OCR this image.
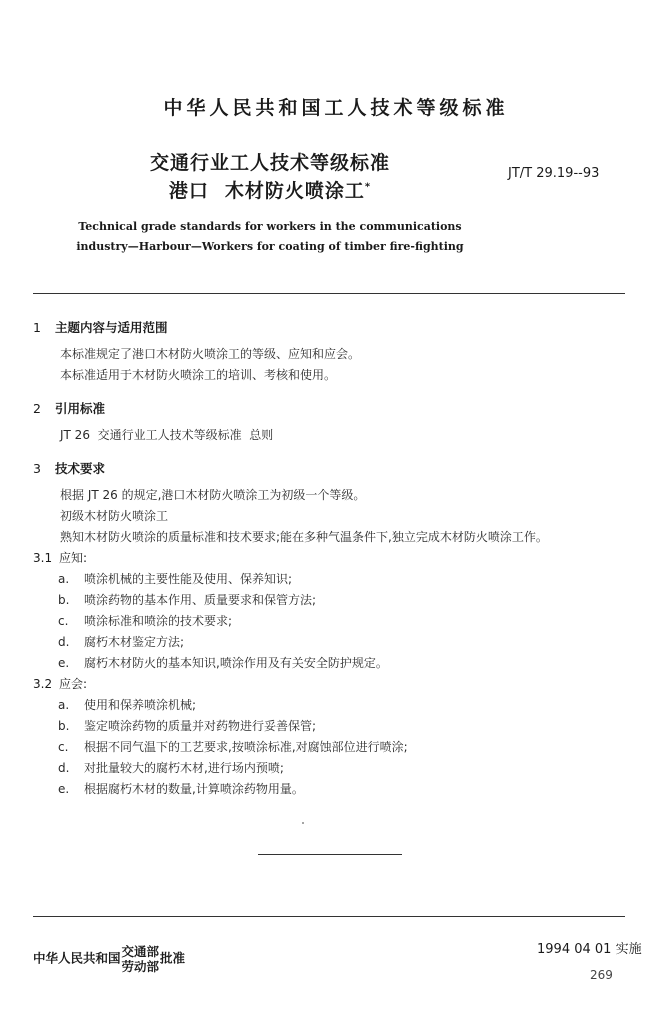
中华人民共和国工人技术等级标准
交通行业工人技术等级标准
港口 木材防火喷涂工*
JT/T 29.19--93
Technical grade standards for workers in the communications
industry—Harbour—Workers for coating of timber fire-fighting
1 主题内容与适用范围
本标准规定了港口木材防火喷涂工的等级、应知和应会。
本标准适用于木材防火喷涂工的培训、考核和使用。
2 引用标准
JT 26  交通行业工人技术等级标准  总则
3 技术要求
根据 JT 26 的规定,港口木材防火喷涂工为初级一个等级。
初级木材防火喷涂工
熟知木材防火喷涂的质量标准和技术要求;能在多种气温条件下,独立完成木材防火喷涂工作。
3.1 应知:
a. 喷涂机械的主要性能及使用、保养知识;
b. 喷涂药物的基本作用、质量要求和保管方法;
c. 喷涂标准和喷涂的技术要求;
d. 腐朽木材鉴定方法;
e. 腐朽木材防火的基本知识,喷涂作用及有关安全防护规定。
3.2 应会:
a. 使用和保养喷涂机械;
b. 鉴定喷涂药物的质量并对药物进行妥善保管;
c. 根据不同气温下的工艺要求,按喷涂标准,对腐蚀部位进行喷涂;
d. 对批量较大的腐朽木材,进行场内预喷;
e. 根据腐朽木材的数量,计算喷涂药物用量。
中华人民共和国 交通部
劳动部
批准
1994 04 01 实施
269
